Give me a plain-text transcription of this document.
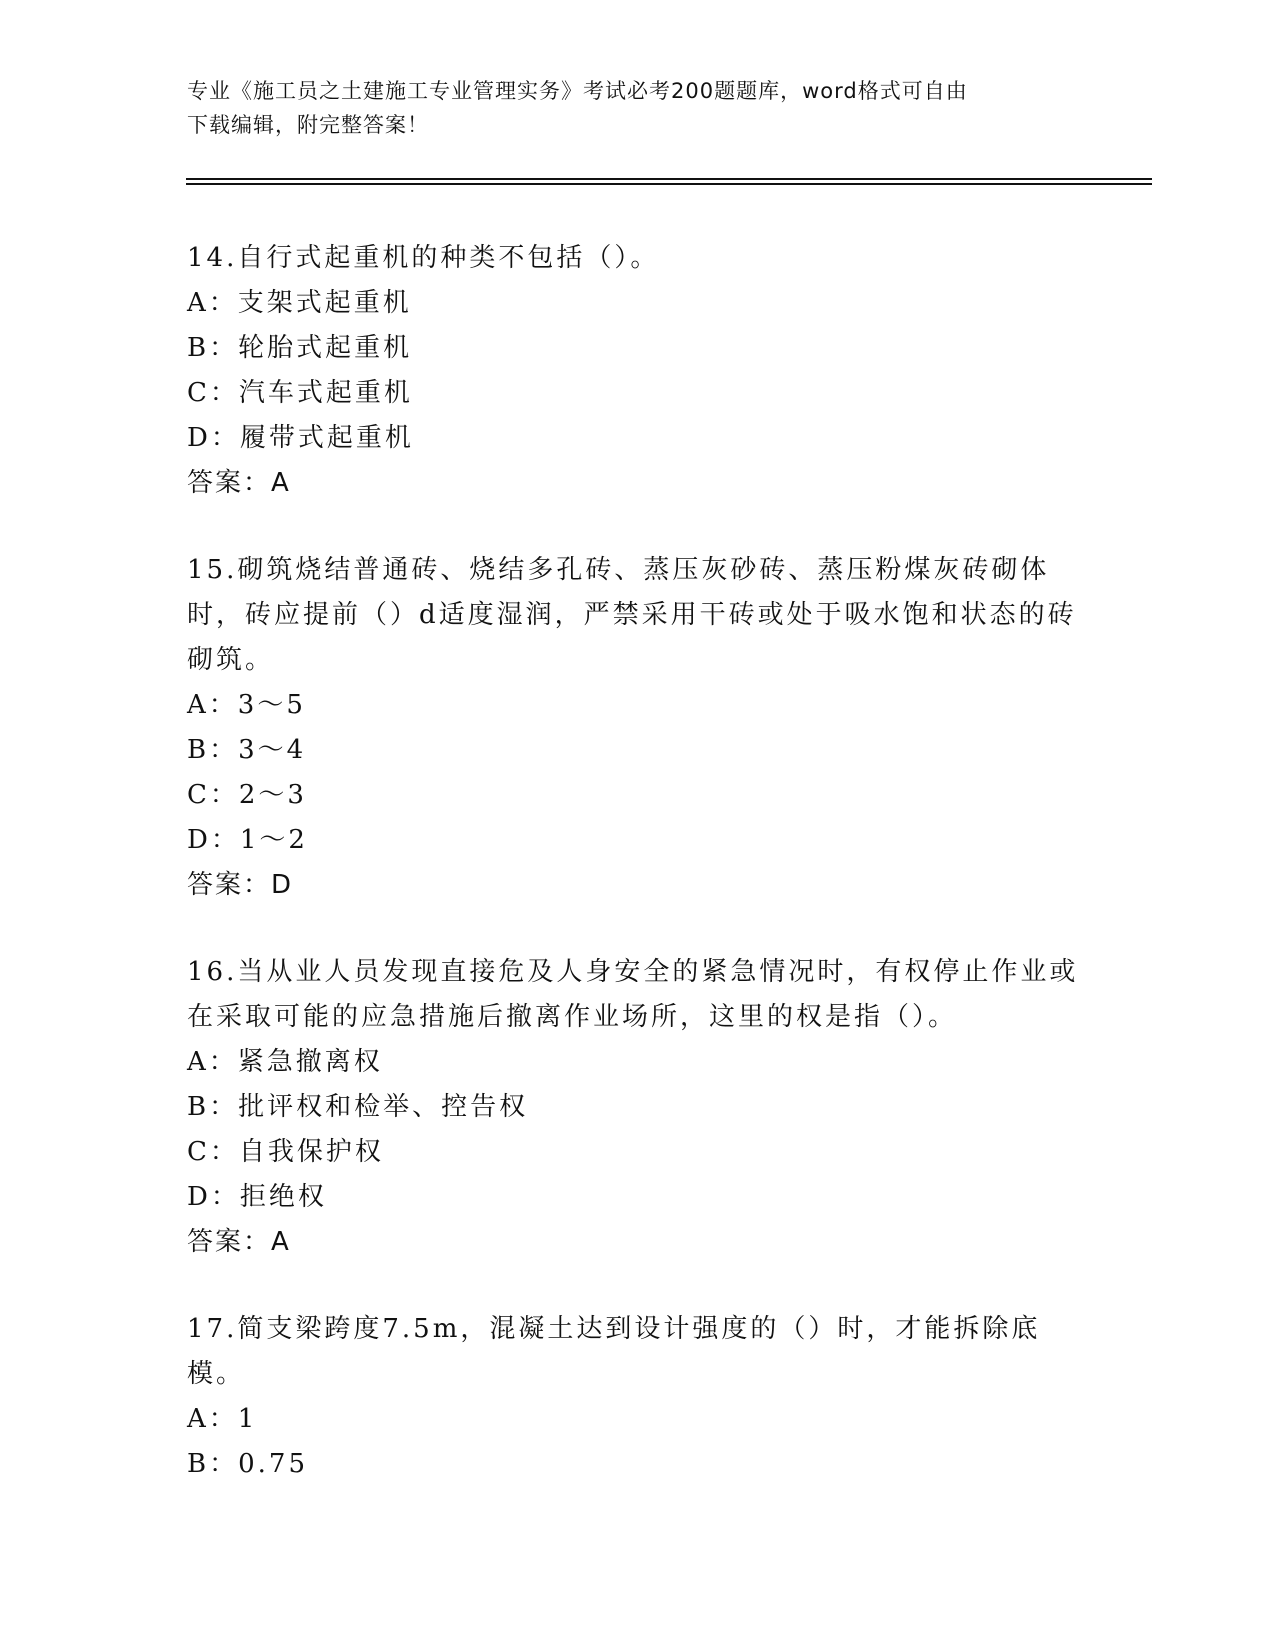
专业《施工员之土建施工专业管理实务》考试必考200题题库，word格式可自由
下载编辑，附完整答案！
14.自行式起重机的种类不包括（）。
A：支架式起重机
B：轮胎式起重机
C：汽车式起重机
D：履带式起重机
答案：A
15.砌筑烧结普通砖、烧结多孔砖、蒸压灰砂砖、蒸压粉煤灰砖砌体时，砖应提前（）d适度湿润，严禁采用干砖或处于吸水饱和状态的砖砌筑。
A：3～5
B：3～4
C：2～3
D：1～2
答案：D
16.当从业人员发现直接危及人身安全的紧急情况时，有权停止作业或在采取可能的应急措施后撤离作业场所，这里的权是指（）。
A：紧急撤离权
B：批评权和检举、控告权
C：自我保护权
D：拒绝权
答案：A
17.简支梁跨度7.5m，混凝土达到设计强度的（）时，才能拆除底模。
A：1
B：0.75
